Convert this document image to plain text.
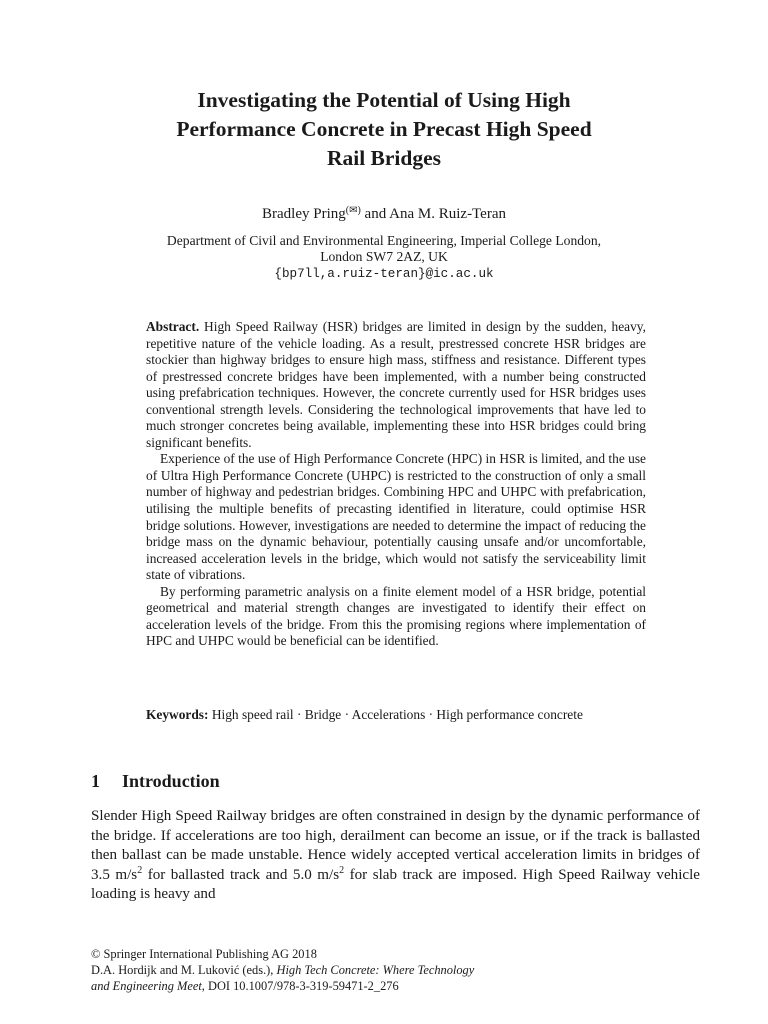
Investigating the Potential of Using High
Performance Concrete in Precast High Speed
Rail Bridges
Bradley Pring(✉) and Ana M. Ruiz-Teran
Department of Civil and Environmental Engineering, Imperial College London,
London SW7 2AZ, UK
{bp7ll,a.ruiz-teran}@ic.ac.uk

Abstract. High Speed Railway (HSR) bridges are limited in design by the sudden, heavy, repetitive nature of the vehicle loading. As a result, prestressed concrete HSR bridges are stockier than highway bridges to ensure high mass, stiffness and resistance. Different types of prestressed concrete bridges have been implemented, with a number being constructed using prefabrication techniques. However, the concrete currently used for HSR bridges uses conventional strength levels. Considering the technological improvements that have led to much stronger concretes being available, implementing these into HSR bridges could bring significant benefits.

Experience of the use of High Performance Concrete (HPC) in HSR is limited, and the use of Ultra High Performance Concrete (UHPC) is restricted to the construction of only a small number of highway and pedestrian bridges. Combining HPC and UHPC with prefabrication, utilising the multiple benefits of precasting identified in literature, could optimise HSR bridge solutions. However, investigations are needed to determine the impact of reducing the bridge mass on the dynamic behaviour, potentially causing unsafe and/or uncomfortable, increased acceleration levels in the bridge, which would not satisfy the serviceability limit state of vibrations.

By performing parametric analysis on a finite element model of a HSR bridge, potential geometrical and material strength changes are investigated to identify their effect on acceleration levels of the bridge. From this the promising regions where implementation of HPC and UHPC would be beneficial can be identified.

Keywords: High speed rail · Bridge · Accelerations · High performance concrete
1 Introduction

Slender High Speed Railway bridges are often constrained in design by the dynamic performance of the bridge. If accelerations are too high, derailment can become an issue, or if the track is ballasted then ballast can be made unstable. Hence widely accepted vertical acceleration limits in bridges of 3.5 $m/s^2$ for ballasted track and 5.0 $m/s^2$ for slab track are imposed. High Speed Railway vehicle loading is heavy and

© Springer International Publishing AG 2018
D.A. Hordijk and M. Luković (eds.), High Tech Concrete: Where Technology
and Engineering Meet, DOI 10.1007/978-3-319-59471-2_276
